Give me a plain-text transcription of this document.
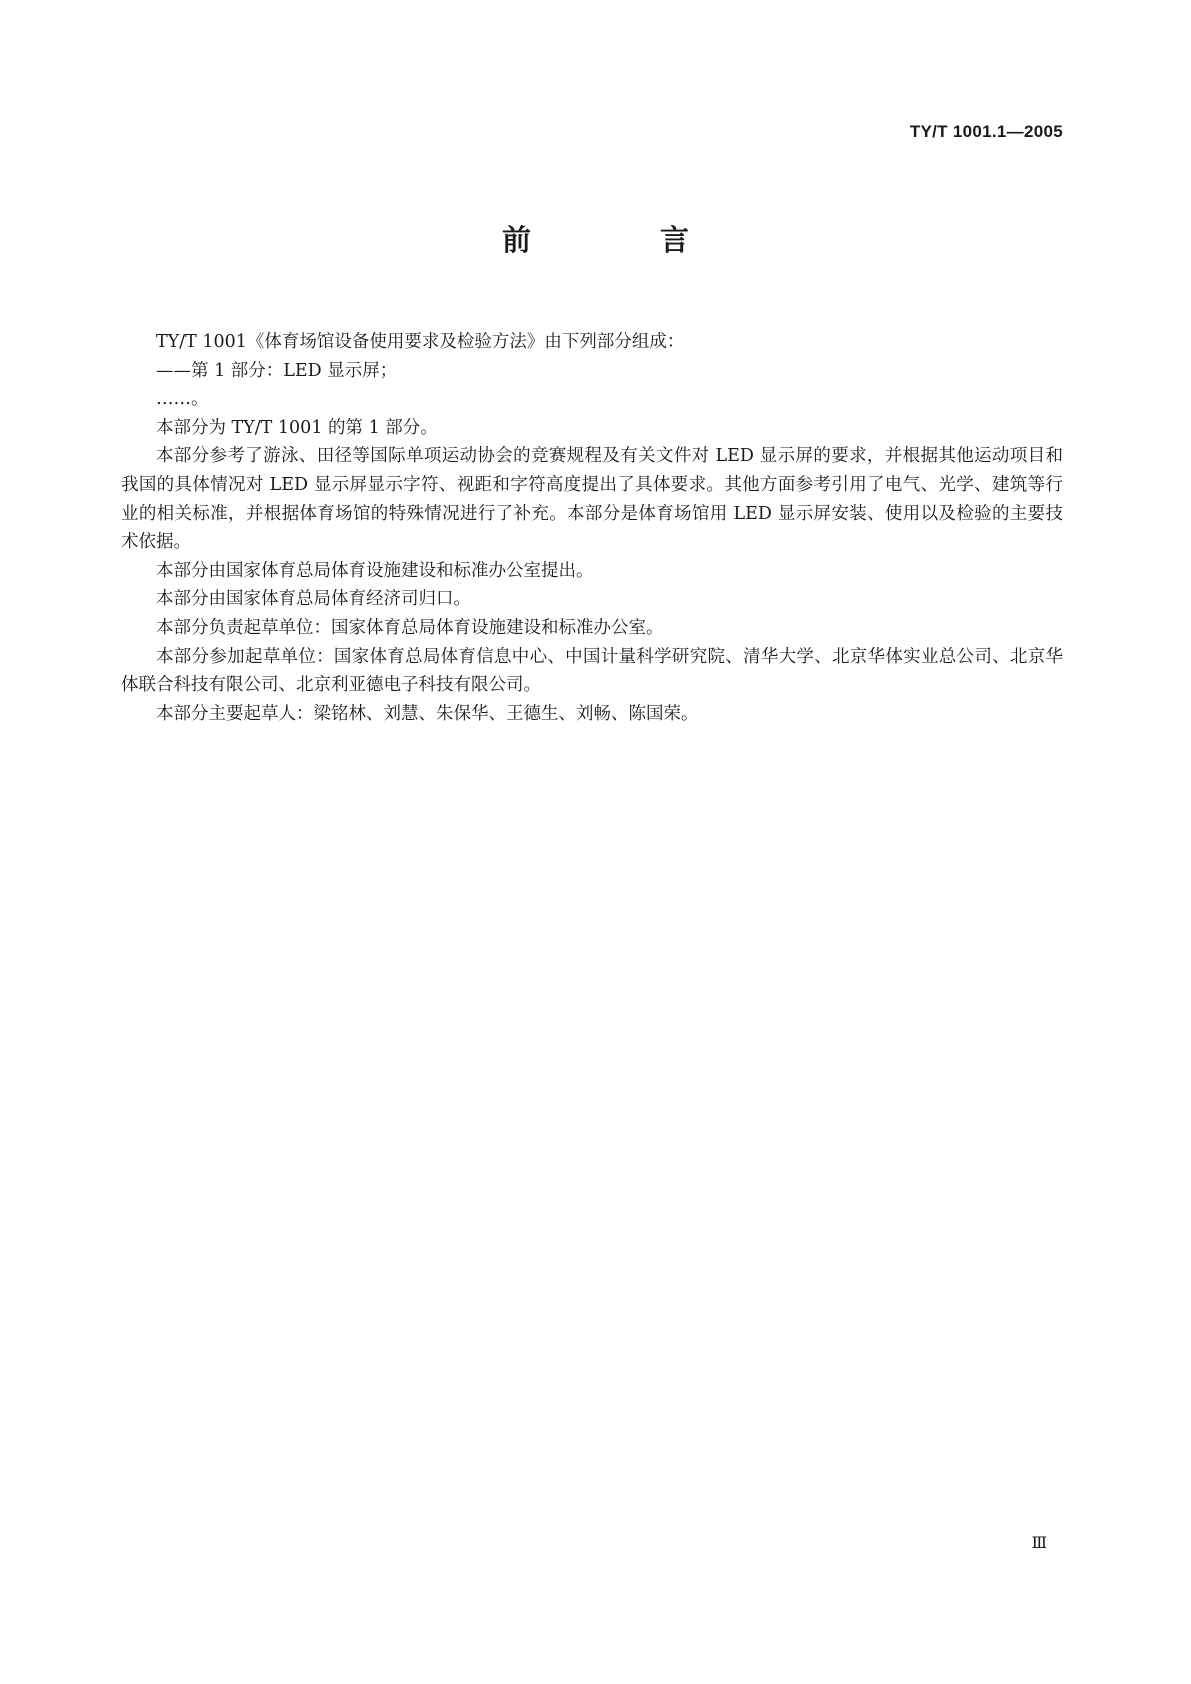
TY/T 1001.1—2005
前　言

TY/T 1001《体育场馆设备使用要求及检验方法》由下列部分组成：

——第 1 部分：LED 显示屏；

……。

本部分为 TY/T 1001 的第 1 部分。

本部分参考了游泳、田径等国际单项运动协会的竞赛规程及有关文件对 LED 显示屏的要求，并根据其他运动项目和我国的具体情况对 LED 显示屏显示字符、视距和字符高度提出了具体要求。其他方面参考引用了电气、光学、建筑等行业的相关标准，并根据体育场馆的特殊情况进行了补充。本部分是体育场馆用 LED 显示屏安装、使用以及检验的主要技术依据。

本部分由国家体育总局体育设施建设和标准办公室提出。

本部分由国家体育总局体育经济司归口。

本部分负责起草单位：国家体育总局体育设施建设和标准办公室。

本部分参加起草单位：国家体育总局体育信息中心、中国计量科学研究院、清华大学、北京华体实业总公司、北京华体联合科技有限公司、北京利亚德电子科技有限公司。

本部分主要起草人：梁铭林、刘慧、朱保华、王德生、刘畅、陈国荣。

Ⅲ
